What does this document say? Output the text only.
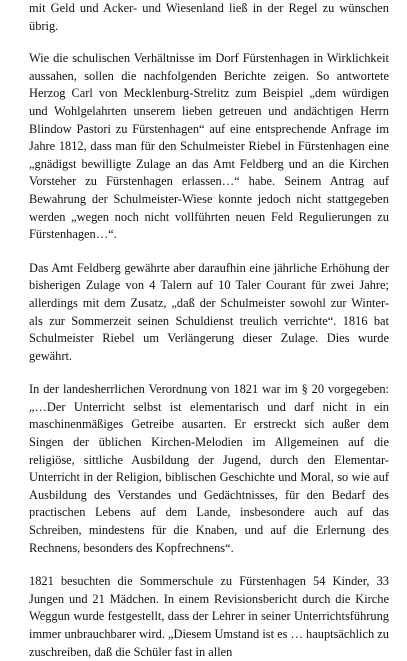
mit Geld und Acker- und Wiesenland ließ in der Regel zu wünschen übrig.

Wie die schulischen Verhältnisse im Dorf Fürstenhagen in Wirklichkeit aussahen, sollen die nachfolgenden Berichte zeigen. So antwortete Herzog Carl von Mecklenburg-Strelitz zum Beispiel „dem würdigen und Wohlgelahrten unserem lieben getreuen und andächtigen Herrn Blindow Pastori zu Fürstenhagen“ auf eine entsprechende Anfrage im Jahre 1812, dass man für den Schulmeister Riebel in Fürstenhagen eine „gnädigst bewilligte Zulage an das Amt Feldberg und an die Kirchen Vorsteher zu Fürstenhagen erlassen…“ habe. Seinem Antrag auf Bewahrung der Schulmeister-Wiese konnte jedoch nicht stattgegeben werden „wegen noch nicht vollführten neuen Feld Regulierungen zu Fürstenhagen…“.

Das Amt Feldberg gewährte aber daraufhin eine jährliche Erhöhung der bisherigen Zulage von 4 Talern auf 10 Taler Courant für zwei Jahre; allerdings mit dem Zusatz, „daß der Schulmeister sowohl zur Winter- als zur Sommerzeit seinen Schuldienst treulich verrichte“. 1816 bat Schulmeister Riebel um Verlängerung dieser Zulage. Dies wurde gewährt.

In der landesherrlichen Verordnung von 1821 war im § 20 vorgegeben: „…Der Unterricht selbst ist elementarisch und darf nicht in ein maschinenmäßiges Getreibe ausarten. Er erstreckt sich außer dem Singen der üblichen Kirchen-Melodien im Allgemeinen auf die religiöse, sittliche Ausbildung der Jugend, durch den Elementar-Unterricht in der Religion, biblischen Geschichte und Moral, so wie auf Ausbildung des Verstandes und Gedächtnisses, für den Bedarf des practischen Lebens auf dem Lande, insbesondere auch auf das Schreiben, mindestens für die Knaben, und auf die Erlernung des Rechnens, besonders des Kopfrechnens“.

1821 besuchten die Sommerschule zu Fürstenhagen 54 Kinder, 33 Jungen und 21 Mädchen. In einem Revisionsbericht durch die Kirche Weggun wurde festgestellt, dass der Lehrer in seiner Unterrichtsführung immer unbrauchbarer wird. „Diesem Umstand ist es … hauptsächlich zu zuschreiben, daß die Schüler fast in allen
